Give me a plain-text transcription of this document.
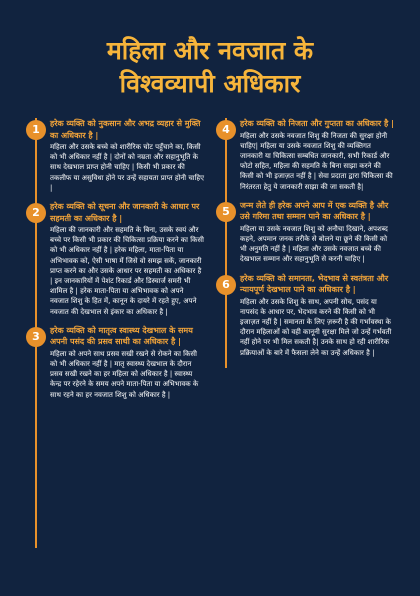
महिला और नवजात के
विश्वव्यापी अधिकार
1	हरेक व्यक्ति को नुकसान और अभद्र व्यहार से मुक्ति का अधिकार है |

महिला और उसके बच्चे को शारीरिक चोट पहुँचाने का, किसी को भी अधिकार नहीं है | दोनों को नम्रता और सहानुभूति के साथ देखभाल प्राप्त होनी चाहिए | किसी भी प्रकार की तकलीफ या असुविधा होने पर उन्हें सहायता प्राप्त होनी चाहिए |

2	हरेक व्यक्ति को सूचना और जानकारी के आधार पर सहमती का अधिकार है |

महिला की जानकारी और सहमति के बिना, उसके स्वयं और बच्चे पर किसी भी प्रकार की चिकित्सा प्रक्रिया करने का किसी को भी अधिकार नहीं है | हरेक महिला, माता-पिता या अभिभावक को, ऐसी भाषा में जिसे वो समझ सकें, जानकारी प्राप्त करने का और उसके आधार पर सहमती का अधिकार है | इन जानकारियों में पेशंट रिकार्ड और डिस्चार्ज समरी भी शामिल है | हरेक माता-पिता या अभिभावक को अपने नवजात शिशु के हित में, कानून के दायरे में रहते हुए, अपने नवजात की देखभाल से इंकार का अधिकार है |

3	हरेक व्यक्ति को मातृत्व स्वास्थ्य देखभाल के समय अपनी पसंद की प्रसव साथी का अधिकार है |

महिला को अपने साथ प्रसव सखी रखने से रोकने का किसी को भी अधिकार नहीं है | मातृ स्वास्थ्य देखभाल के दौरान प्रसव सखी रखने का हर महिला को अधिकार है | स्वास्थ्य केन्द्र पर रहेरने के समय अपने माता-पिता या अभिभावक के साथ रहने का हर नवजात शिशु को अधिकार है |

4	हरेक व्यक्ति को निजता और गुप्तता का अधिकार है |

महिला और उसके नवजात शिशु की निजता की सुरक्षा होनी चाहिए| महिला या उसके नवजात शिशु की व्यक्तिगत जानकारी या चिकित्सा सम्बधित जानकारी, सभी रिकार्ड और फोटो सहित, महिला की सहमति के बिना साझा करने की किसी को भी इजाज़त नहीं है | सेवा प्रदाता द्वारा चिकित्सा की निरंतरता हेतु ये जानकारी साझा की जा सकती है|

5	जन्म लेते ही हरेक अपने आप में एक व्यक्ति है और उसे गरिमा तथा सम्मान पाने का अधिकार है |

महिला या उसके नवजात शिशु को अनौचा दिखाने, अपशब्द कहने, अपमान जनक तरीके से बोलने या छूने की किसी को भी अनुमति नहीं है | महिला और उसके नवजात बच्चे की देखभाल सम्मान और सहानुभूति से करनी चाहिए |

6	हरेक व्यक्ति को समानता, भेदभाव से स्वतंत्रता और न्यायपूर्ण देखभाल पाने का अधिकार है |

महिला और उसके शिशु के साथ, अपनी सोच, पसंद या नापसंद के आधार पर, भेदभाव करने की किसी को भी इजाज़त नहीं है | समानता के लिए ज़रूरी है की गर्भावस्था के दौरान महिलाओं को वही कानूनी सुरक्षा मिले जो उन्हें गर्भवती नहीं होने पर भी मिल सकती है| उनके साथ हो रही शारीरिक प्रक्रियाओं के बारे में फैसला लेने का उन्हें अधिकार है |
